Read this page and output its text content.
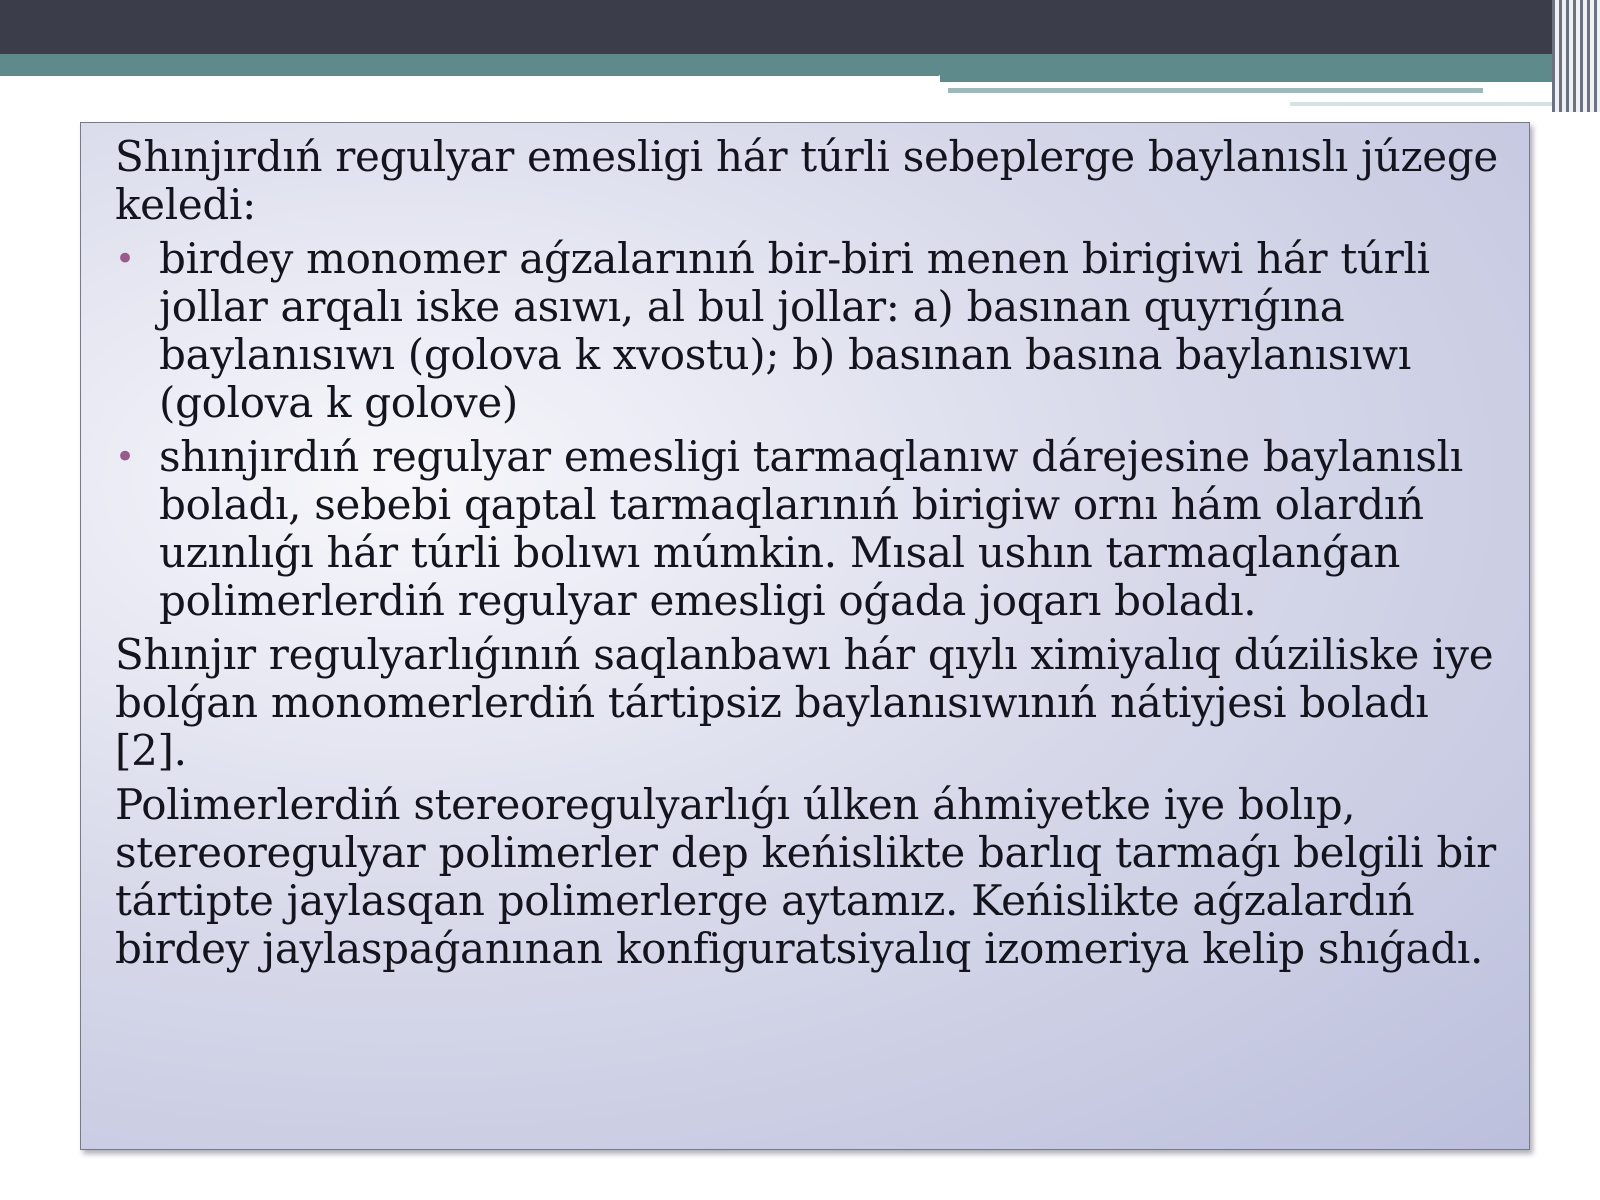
Shınjırdıń regulyar emesligi hár túrli sebeplerge baylanıslı júzege keledi:

• birdey monomer aǵzalarınıń bir-biri menen birigiwi hár túrli jollar arqalı iske asıwı, al bul jollar: a) basınan quyrıǵına baylanısıwı (golova k xvostu); b) basınan basına baylanısıwı (golova k golove)
• shınjırdıń regulyar emesligi tarmaqlanıw dárejesine baylanıslı boladı, sebebi qaptal tarmaqlarınıń birigiw ornı hám olardıń uzınlıǵı hár túrli bolıwı múmkin. Mısal ushın tarmaqlanǵan polimerlerdiń regulyar emesligi oǵada joqarı boladı.

Shınjır regulyarlıǵınıń saqlanbawı hár qıylı ximiyalıq dúziliske iye bolǵan monomerlerdiń tártipsiz baylanısıwınıń nátiyjesi boladı [2].

Polimerlerdiń stereoregulyarlıǵı úlken áhmiyetke iye bolıp, stereoregulyar polimerler dep keńislikte barlıq tarmaǵı belgili bir tártipte jaylasqan polimerlerge aytamız. Keńislikte aǵzalardıń birdey jaylaspaǵanınan konfiguratsiyalıq izomeriya kelip shıǵadı.
